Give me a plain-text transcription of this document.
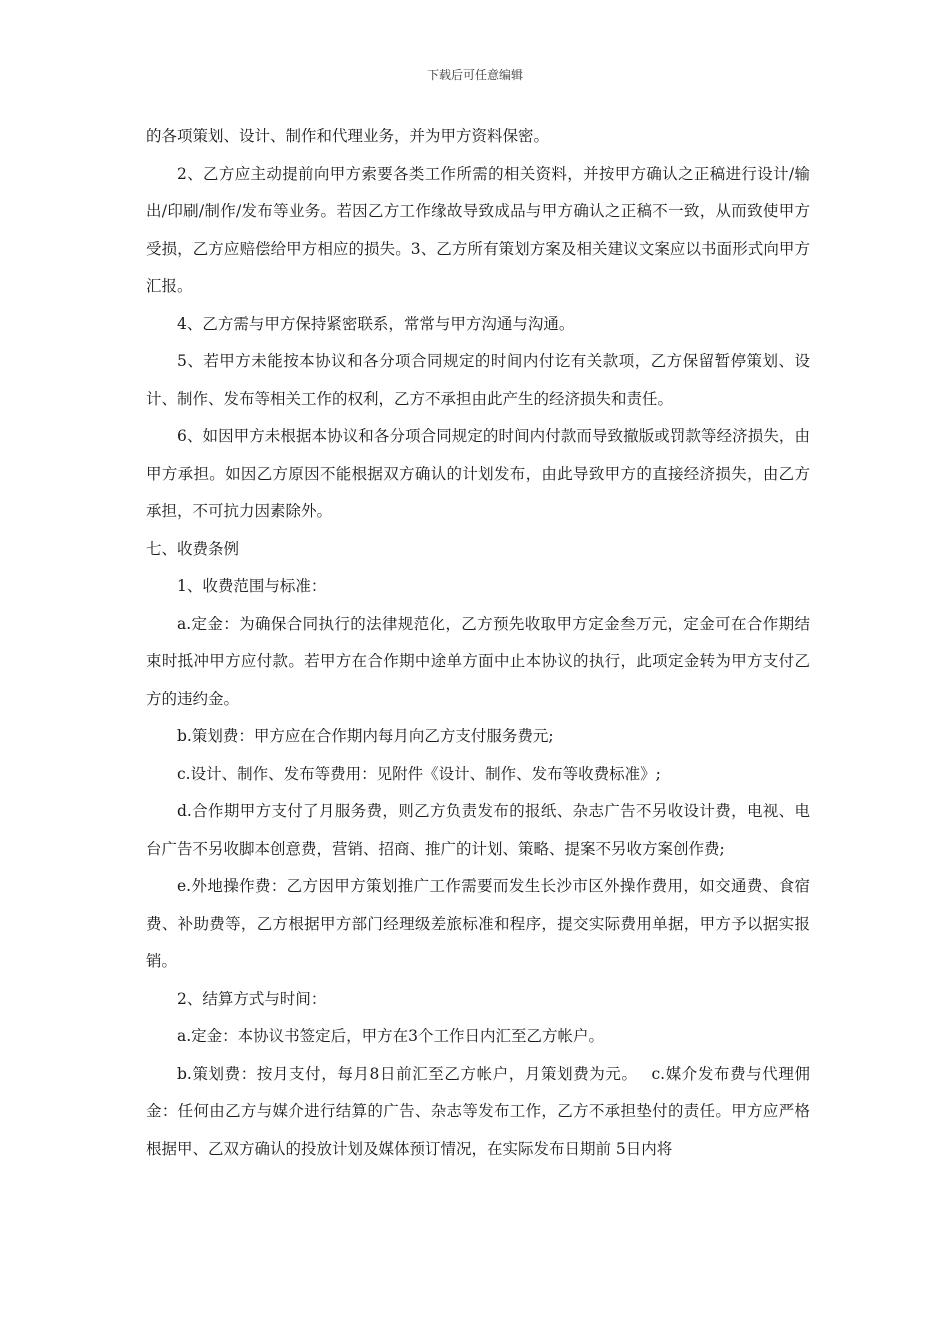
下载后可任意编辑

的各项策划、设计、制作和代理业务，并为甲方资料保密。

2、乙方应主动提前向甲方索要各类工作所需的相关资料，并按甲方确认之正稿进行设计/输出/印刷/制作/发布等业务。若因乙方工作缘故导致成品与甲方确认之正稿不一致，从而致使甲方受损，乙方应赔偿给甲方相应的损失。3、乙方所有策划方案及相关建议文案应以书面形式向甲方汇报。

4、乙方需与甲方保持紧密联系，常常与甲方沟通与沟通。

5、若甲方未能按本协议和各分项合同规定的时间内付讫有关款项，乙方保留暂停策划、设计、制作、发布等相关工作的权利，乙方不承担由此产生的经济损失和责任。

6、如因甲方未根据本协议和各分项合同规定的时间内付款而导致撤版或罚款等经济损失，由甲方承担。如因乙方原因不能根据双方确认的计划发布，由此导致甲方的直接经济损失，由乙方承担，不可抗力因素除外。

七、收费条例

1、收费范围与标准：

a.定金：为确保合同执行的法律规范化，乙方预先收取甲方定金叁万元，定金可在合作期结束时抵冲甲方应付款。若甲方在合作期中途单方面中止本协议的执行，此项定金转为甲方支付乙方的违约金。

b.策划费：甲方应在合作期内每月向乙方支付服务费元;

c.设计、制作、发布等费用：见附件《设计、制作、发布等收费标准》;

d.合作期甲方支付了月服务费，则乙方负责发布的报纸、杂志广告不另收设计费，电视、电台广告不另收脚本创意费，营销、招商、推广的计划、策略、提案不另收方案创作费;

e.外地操作费：乙方因甲方策划推广工作需要而发生长沙市区外操作费用，如交通费、食宿费、补助费等，乙方根据甲方部门经理级差旅标准和程序，提交实际费用单据，甲方予以据实报销。

2、结算方式与时间：

a.定金：本协议书签定后，甲方在3个工作日内汇至乙方帐户。

b.策划费：按月支付，每月8日前汇至乙方帐户，月策划费为元。　 c.媒介发布费与代理佣金：任何由乙方与媒介进行结算的广告、杂志等发布工作，乙方不承担垫付的责任。甲方应严格根据甲、乙双方确认的投放计划及媒体预订情况，在实际发布日期前 5日内将
